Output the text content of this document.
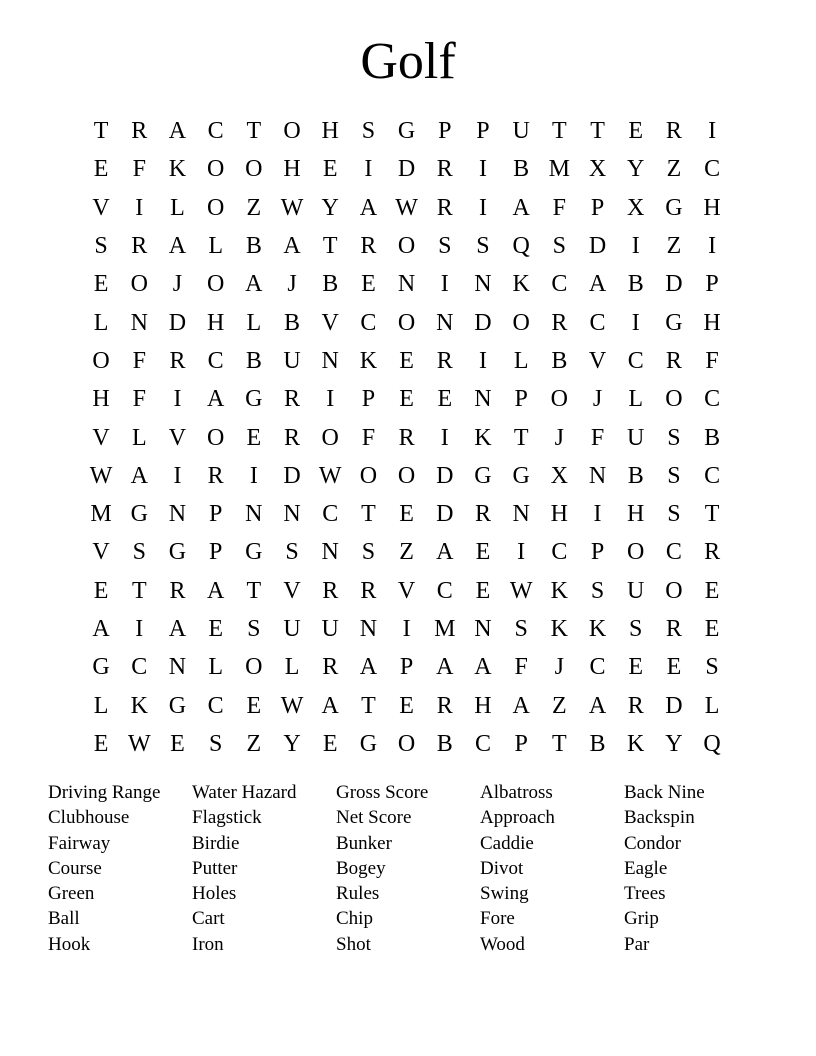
Golf
T R A C T O H S G P	P U T T E R	I
E	F K O O H E	I	D R	I	B M X Y Z C
V	I	L O Z W Y A W R	I	A F	P X G H
S R A L B A T R O S	S Q S D	I	Z	I
E O	J	O A	J	B E N	I	N K C A B D P
L N D H L B V C O N D O R C	I	G H
O F R C B U N K E R	I	L B V C R F
H F	I	A G R	I	P	E E N P O	J	L O C
V L V O E R O F R	I	K T	J	F U S B
W A	I	R	I	D W O O D G G X N B S C
M G N P N N C T E D R N H	I	H S	T
V S G P G S N S	Z A E	I	C P O C R
E T R A T V R R V C E W K S U O E
A	I	A E	S U U N	I M N S K K S R E
G C N L O L R A P A A F	J	C E E	S
L K G C E W A T E R H A Z A R D L
E W E	S	Z Y E G O B C P	T B K Y Q
Driving Range
Clubhouse
Fairway
Course
Green
Ball
Hook
Water Hazard
Flagstick
Birdie
Putter
Holes
Cart
Iron
Gross Score
Net Score
Bunker
Bogey
Rules
Chip
Shot
Albatross
Approach
Caddie
Divot
Swing
Fore
Wood
Back Nine
Backspin
Condor
Eagle
Trees
Grip
Par
